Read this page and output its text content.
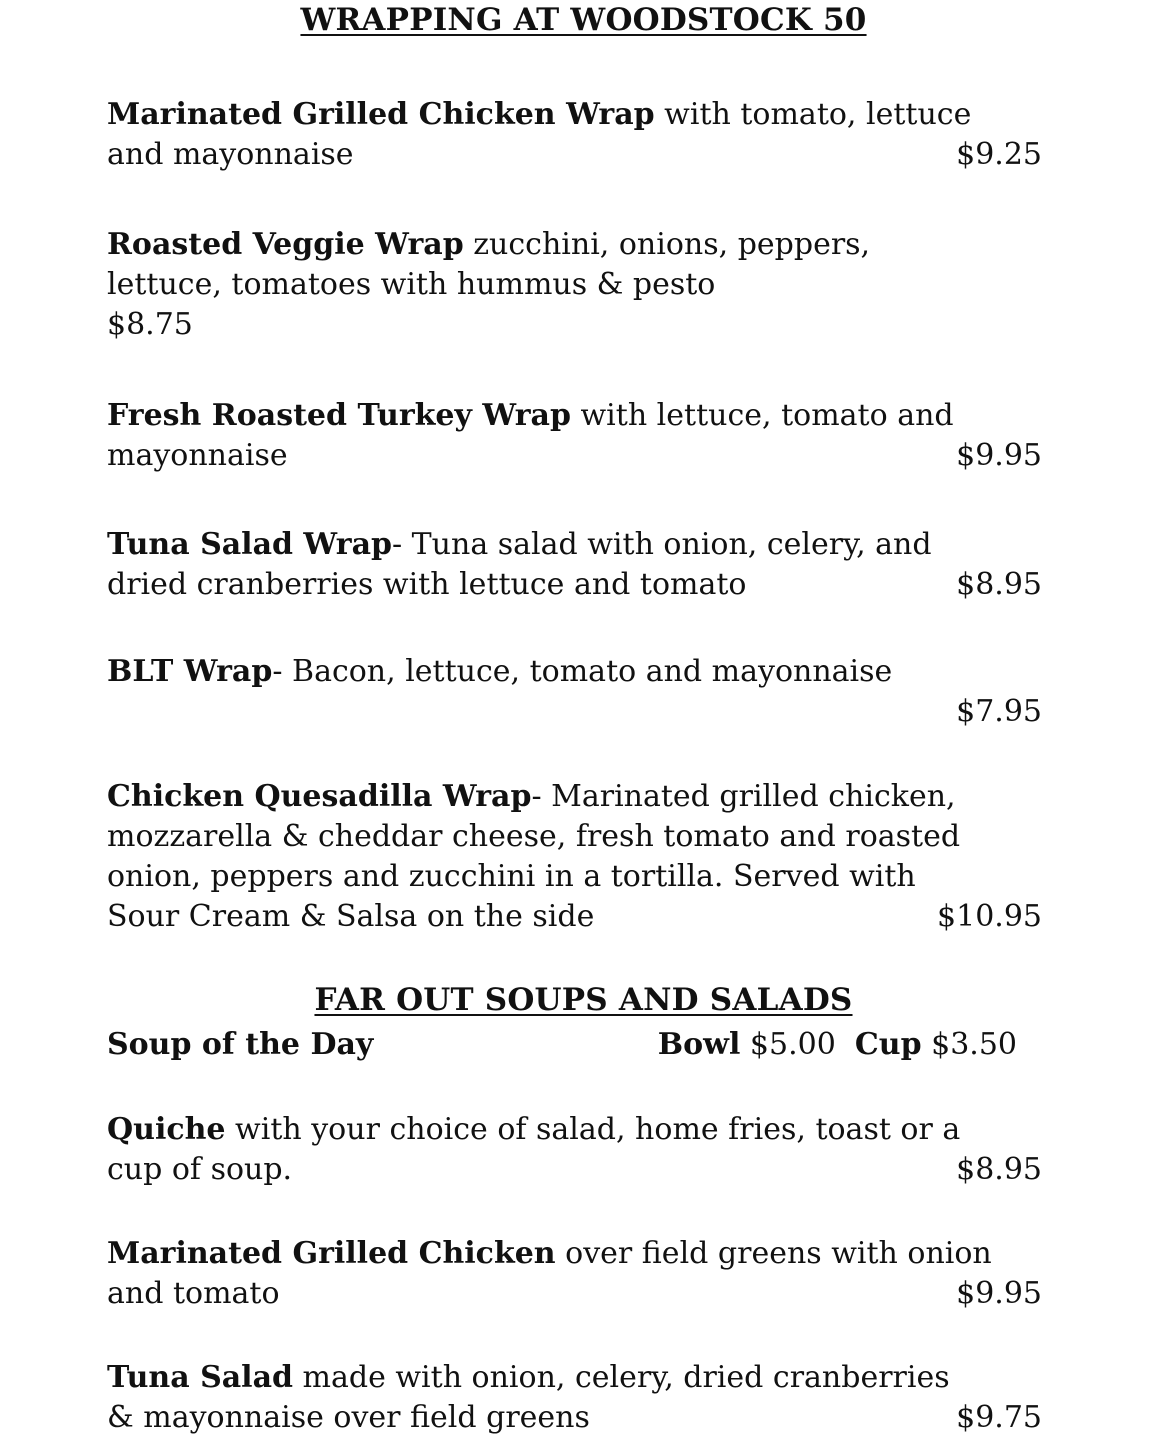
WRAPPING AT WOODSTOCK 50
Marinated Grilled Chicken Wrap with tomato, lettuce
and mayonnaise	$9.25
Roasted Veggie Wrap zucchini, onions, peppers,
lettuce, tomatoes with hummus & pesto
$8.75
Fresh Roasted Turkey Wrap with lettuce, tomato and
mayonnaise	$9.95
Tuna Salad Wrap- Tuna salad with onion, celery, and
dried cranberries with lettuce and tomato	$8.95
BLT Wrap- Bacon, lettuce, tomato and mayonnaise
$7.95
Chicken Quesadilla Wrap- Marinated grilled chicken,
mozzarella & cheddar cheese, fresh tomato and roasted
onion, peppers and zucchini in a tortilla. Served with
Sour Cream & Salsa on the side	$10.95
FAR OUT SOUPS AND SALADS
Soup of the Day	Bowl $5.00 Cup $3.50
Quiche with your choice of salad, home fries, toast or a
cup of soup.	$8.95
Marinated Grilled Chicken over field greens with onion
and tomato	$9.95
Tuna Salad made with onion, celery, dried cranberries
& mayonnaise over field greens	$9.75
